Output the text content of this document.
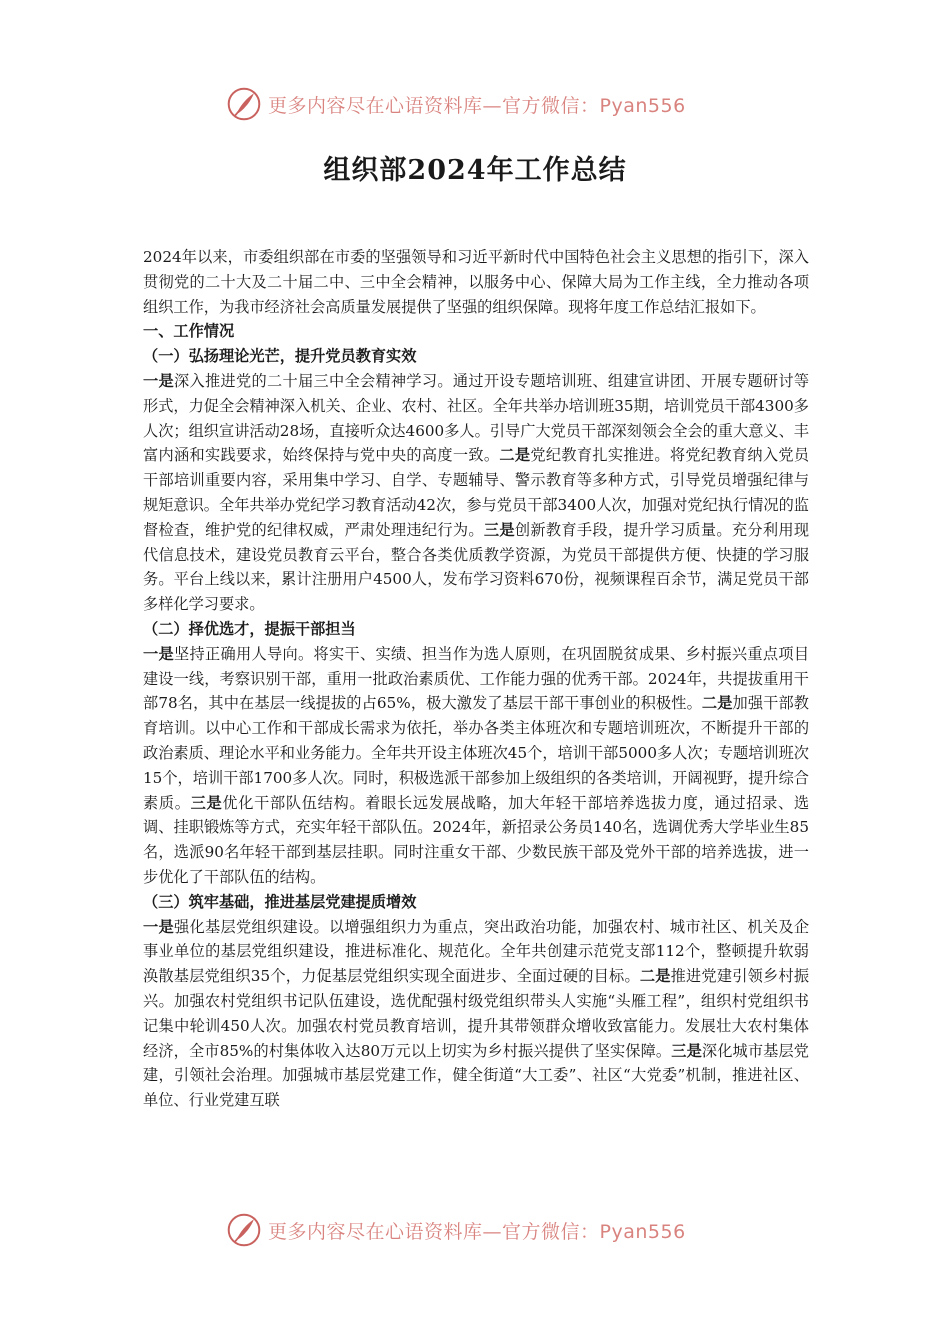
更多内容尽在心语资料库—官方微信：Pyan556
组织部2024年工作总结

2024年以来，市委组织部在市委的坚强领导和习近平新时代中国特色社会主义思想的指引下，深入贯彻党的二十大及二十届二中、三中全会精神，以服务中心、保障大局为工作主线，全力推动各项组织工作，为我市经济社会高质量发展提供了坚强的组织保障。现将年度工作总结汇报如下。

一、工作情况

（一）弘扬理论光芒，提升党员教育实效

一是深入推进党的二十届三中全会精神学习。通过开设专题培训班、组建宣讲团、开展专题研讨等形式，力促全会精神深入机关、企业、农村、社区。全年共举办培训班35期，培训党员干部4300多人次；组织宣讲活动28场，直接听众达4600多人。引导广大党员干部深刻领会全会的重大意义、丰富内涵和实践要求，始终保持与党中央的高度一致。二是党纪教育扎实推进。将党纪教育纳入党员干部培训重要内容，采用集中学习、自学、专题辅导、警示教育等多种方式，引导党员增强纪律与规矩意识。全年共举办党纪学习教育活动42次，参与党员干部3400人次，加强对党纪执行情况的监督检查，维护党的纪律权威，严肃处理违纪行为。三是创新教育手段，提升学习质量。充分利用现代信息技术，建设党员教育云平台，整合各类优质教学资源，为党员干部提供方便、快捷的学习服务。平台上线以来，累计注册用户4500人，发布学习资料670份，视频课程百余节，满足党员干部多样化学习要求。

（二）择优选才，提振干部担当

一是坚持正确用人导向。将实干、实绩、担当作为选人原则，在巩固脱贫成果、乡村振兴重点项目建设一线，考察识别干部，重用一批政治素质优、工作能力强的优秀干部。2024年，共提拔重用干部78名，其中在基层一线提拔的占65%，极大激发了基层干部干事创业的积极性。二是加强干部教育培训。以中心工作和干部成长需求为依托，举办各类主体班次和专题培训班次，不断提升干部的政治素质、理论水平和业务能力。全年共开设主体班次45个，培训干部5000多人次；专题培训班次15个，培训干部1700多人次。同时，积极选派干部参加上级组织的各类培训，开阔视野，提升综合素质。三是优化干部队伍结构。着眼长远发展战略，加大年轻干部培养选拔力度，通过招录、选调、挂职锻炼等方式，充实年轻干部队伍。2024年，新招录公务员140名，选调优秀大学毕业生85名，选派90名年轻干部到基层挂职。同时注重女干部、少数民族干部及党外干部的培养选拔，进一步优化了干部队伍的结构。

（三）筑牢基础，推进基层党建提质增效

一是强化基层党组织建设。以增强组织力为重点，突出政治功能，加强农村、城市社区、机关及企事业单位的基层党组织建设，推进标准化、规范化。全年共创建示范党支部112个，整顿提升软弱涣散基层党组织35个，力促基层党组织实现全面进步、全面过硬的目标。二是推进党建引领乡村振兴。加强农村党组织书记队伍建设，选优配强村级党组织带头人实施“头雁工程”，组织村党组织书记集中轮训450人次。加强农村党员教育培训，提升其带领群众增收致富能力。发展壮大农村集体经济，全市85%的村集体收入达80万元以上切实为乡村振兴提供了坚实保障。三是深化城市基层党建，引领社会治理。加强城市基层党建工作，健全街道“大工委”、社区“大党委”机制，推进社区、单位、行业党建互联

更多内容尽在心语资料库—官方微信：Pyan556
